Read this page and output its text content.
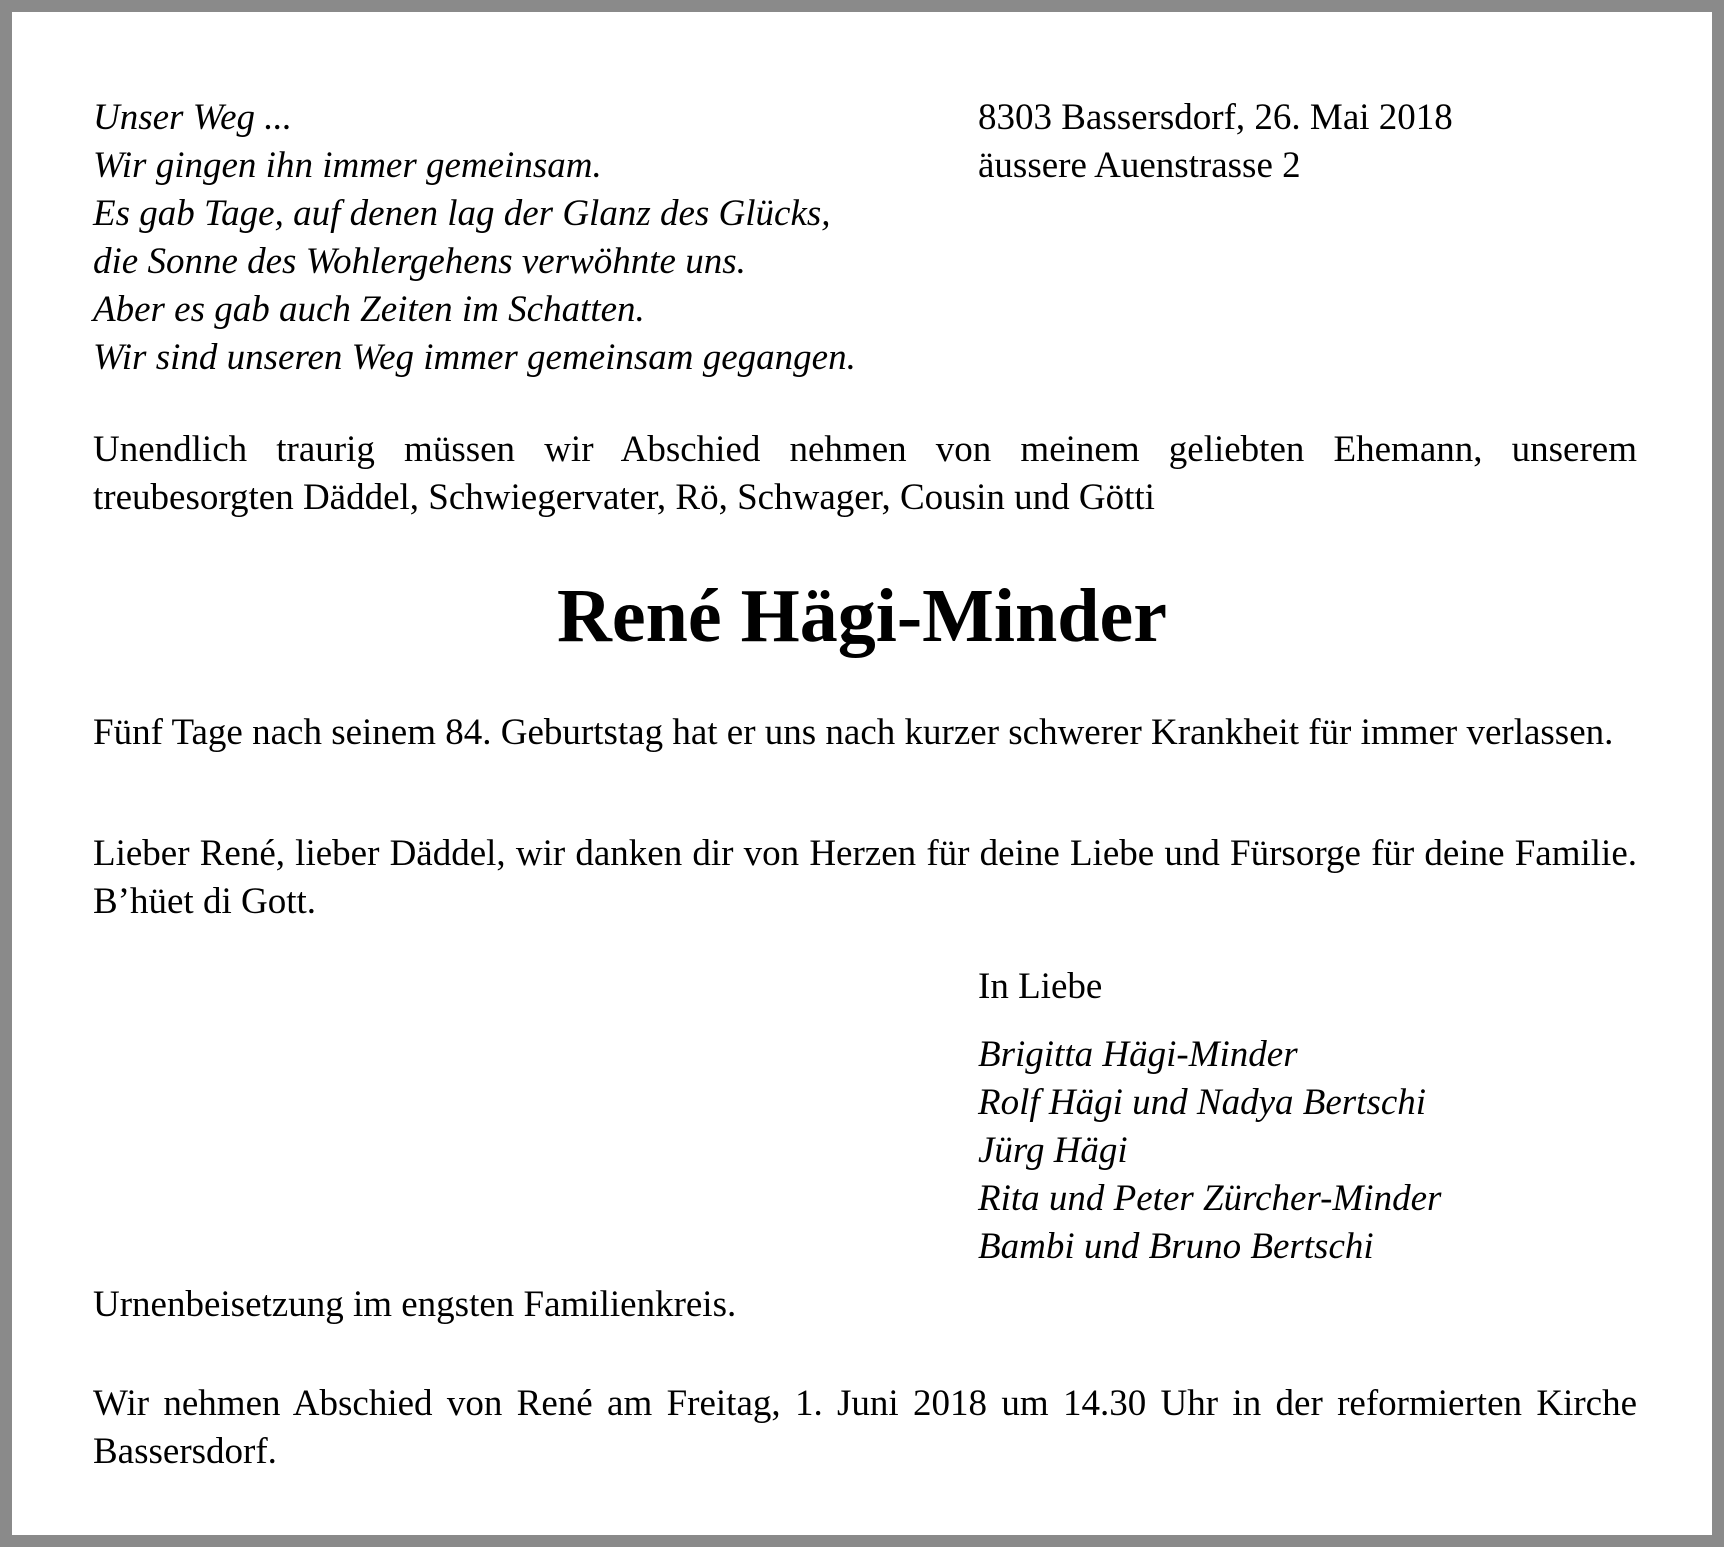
Unser Weg ...
Wir gingen ihn immer gemeinsam.
Es gab Tage, auf denen lag der Glanz des Glücks,
die Sonne des Wohlergehens verwöhnte uns.
Aber es gab auch Zeiten im Schatten.
Wir sind unseren Weg immer gemeinsam gegangen.
8303 Bassersdorf, 26. Mai 2018
äussere Auenstrasse 2
Unendlich traurig müssen wir Abschied nehmen von meinem geliebten Ehemann, unserem treubesorgten Däddel, Schwiegervater, Rö, Schwager, Cousin und Götti
René Hägi-Minder
Fünf Tage nach seinem 84. Geburtstag hat er uns nach kurzer schwerer Krankheit für immer verlassen.
Lieber René, lieber Däddel, wir danken dir von Herzen für deine Liebe und Fürsorge für deine Familie. B’hüet di Gott.
In Liebe
Brigitta Hägi-Minder
Rolf Hägi und Nadya Bertschi
Jürg Hägi
Rita und Peter Zürcher-Minder
Bambi und Bruno Bertschi
Urnenbeisetzung im engsten Familienkreis.
Wir nehmen Abschied von René am Freitag, 1. Juni 2018 um 14.30 Uhr in der reformierten Kirche Bassersdorf.
